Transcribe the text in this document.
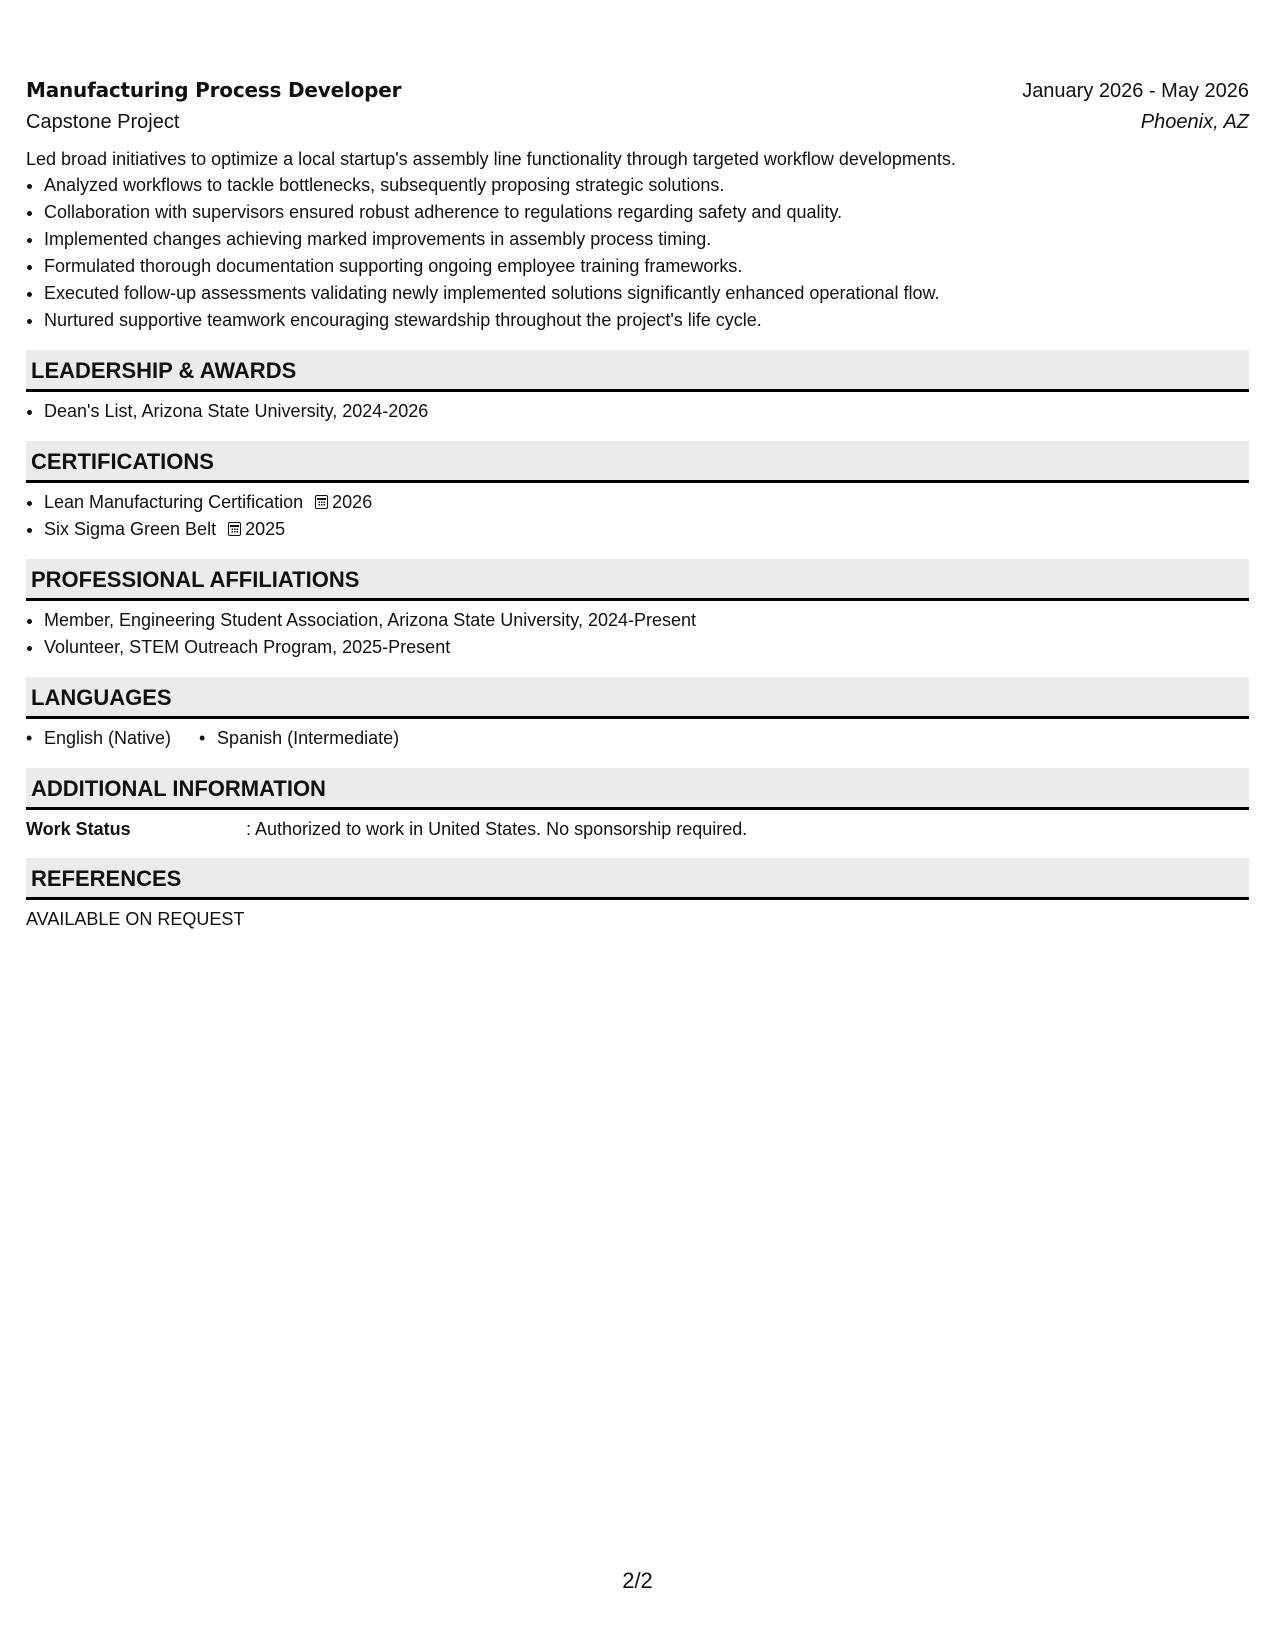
Manufacturing Process Developer	January 2026 - May 2026
Capstone Project	Phoenix, AZ
Led broad initiatives to optimize a local startup's assembly line functionality through targeted workflow developments.
• Analyzed workflows to tackle bottlenecks, subsequently proposing strategic solutions.
• Collaboration with supervisors ensured robust adherence to regulations regarding safety and quality.
• Implemented changes achieving marked improvements in assembly process timing.
• Formulated thorough documentation supporting ongoing employee training frameworks.
• Executed follow-up assessments validating newly implemented solutions significantly enhanced operational flow.
• Nurtured supportive teamwork encouraging stewardship throughout the project's life cycle.
LEADERSHIP & AWARDS
• Dean's List, Arizona State University, 2024-2026
CERTIFICATIONS
• Lean Manufacturing Certification 2026
• Six Sigma Green Belt 2025
PROFESSIONAL AFFILIATIONS
• Member, Engineering Student Association, Arizona State University, 2024-Present
• Volunteer, STEM Outreach Program, 2025-Present
LANGUAGES
• English (Native)
•	Spanish (Intermediate)
ADDITIONAL INFORMATION
Work Status	: Authorized to work in United States. No sponsorship required.
REFERENCES
AVAILABLE ON REQUEST
2/2
